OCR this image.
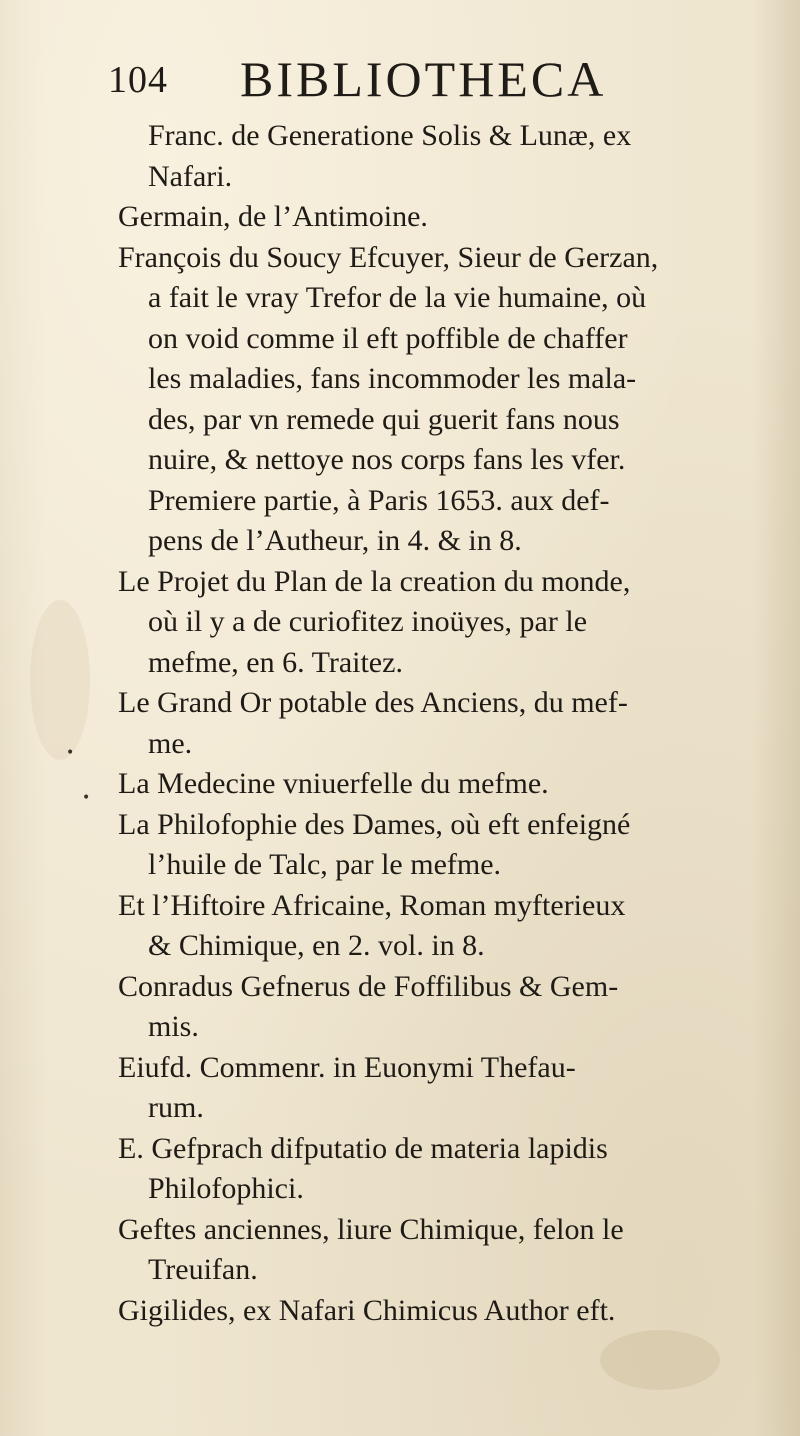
104 BIBLIOTHECA
Franc. de Generatione Solis & Lunæ, ex
Nafari.
Germain, de l’Antimoine.
François du Soucy Efcuyer, Sieur de Gerzan,
a fait le vray Trefor de la vie humaine, où
on void comme il eft poffible de chaffer
les maladies, fans incommoder les mala-
des, par vn remede qui guerit fans nous
nuire, & nettoye nos corps fans les vfer.
Premiere partie, à Paris 1653. aux def-
pens de l’Autheur, in 4. & in 8.
Le Projet du Plan de la creation du monde,
où il y a de curiofitez inoüyes, par le
mefme, en 6. Traitez.
Le Grand Or potable des Anciens, du mef-
me.
La Medecine vniuerfelle du mefme.
La Philofophie des Dames, où eft enfeigné
l’huile de Talc, par le mefme.
Et l’Hiftoire Africaine, Roman myfterieux
& Chimique, en 2. vol. in 8.
Conradus Gefnerus de Foffilibus & Gem-
mis.
Eiufd. Commenr. in Euonymi Thefau-
rum.
E. Gefprach difputatio de materia lapidis
Philofophici.
Geftes anciennes, liure Chimique, felon le
Treuifan.
Gigilides, ex Nafari Chimicus Author eft.
•
•
